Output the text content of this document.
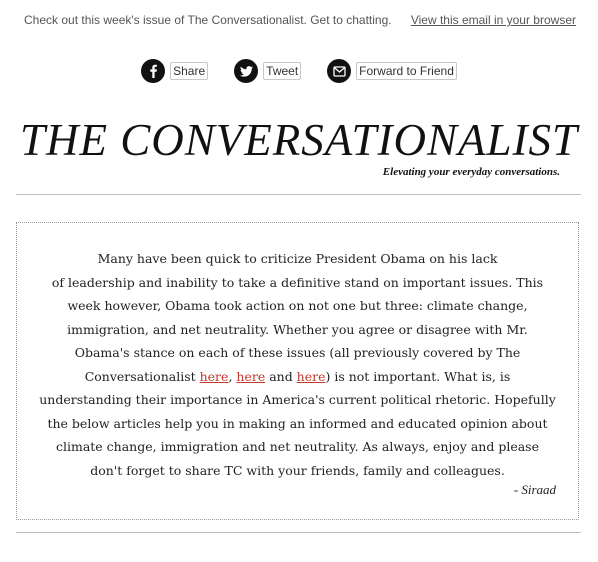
Check out this week's issue of The Conversationalist. Get to chatting. View this email in your browser
Share	Tweet	Forward to Friend
THE CONVERSATIONALIST
Elevating your everyday conversations.
Many have been quick to criticize President Obama on his lack
of leadership and inability to take a definitive stand on important issues. This week however, Obama took action on not one but three: climate change, immigration, and net neutrality. Whether you agree or disagree with Mr. Obama's stance on each of these issues (all previously covered by The Conversationalist here, here and here) is not important. What is, is understanding their importance in America's current political rhetoric. Hopefully the below articles help you in making an informed and educated opinion about climate change, immigration and net neutrality. As always, enjoy and please don't forget to share TC with your friends, family and colleagues.
- Siraad
